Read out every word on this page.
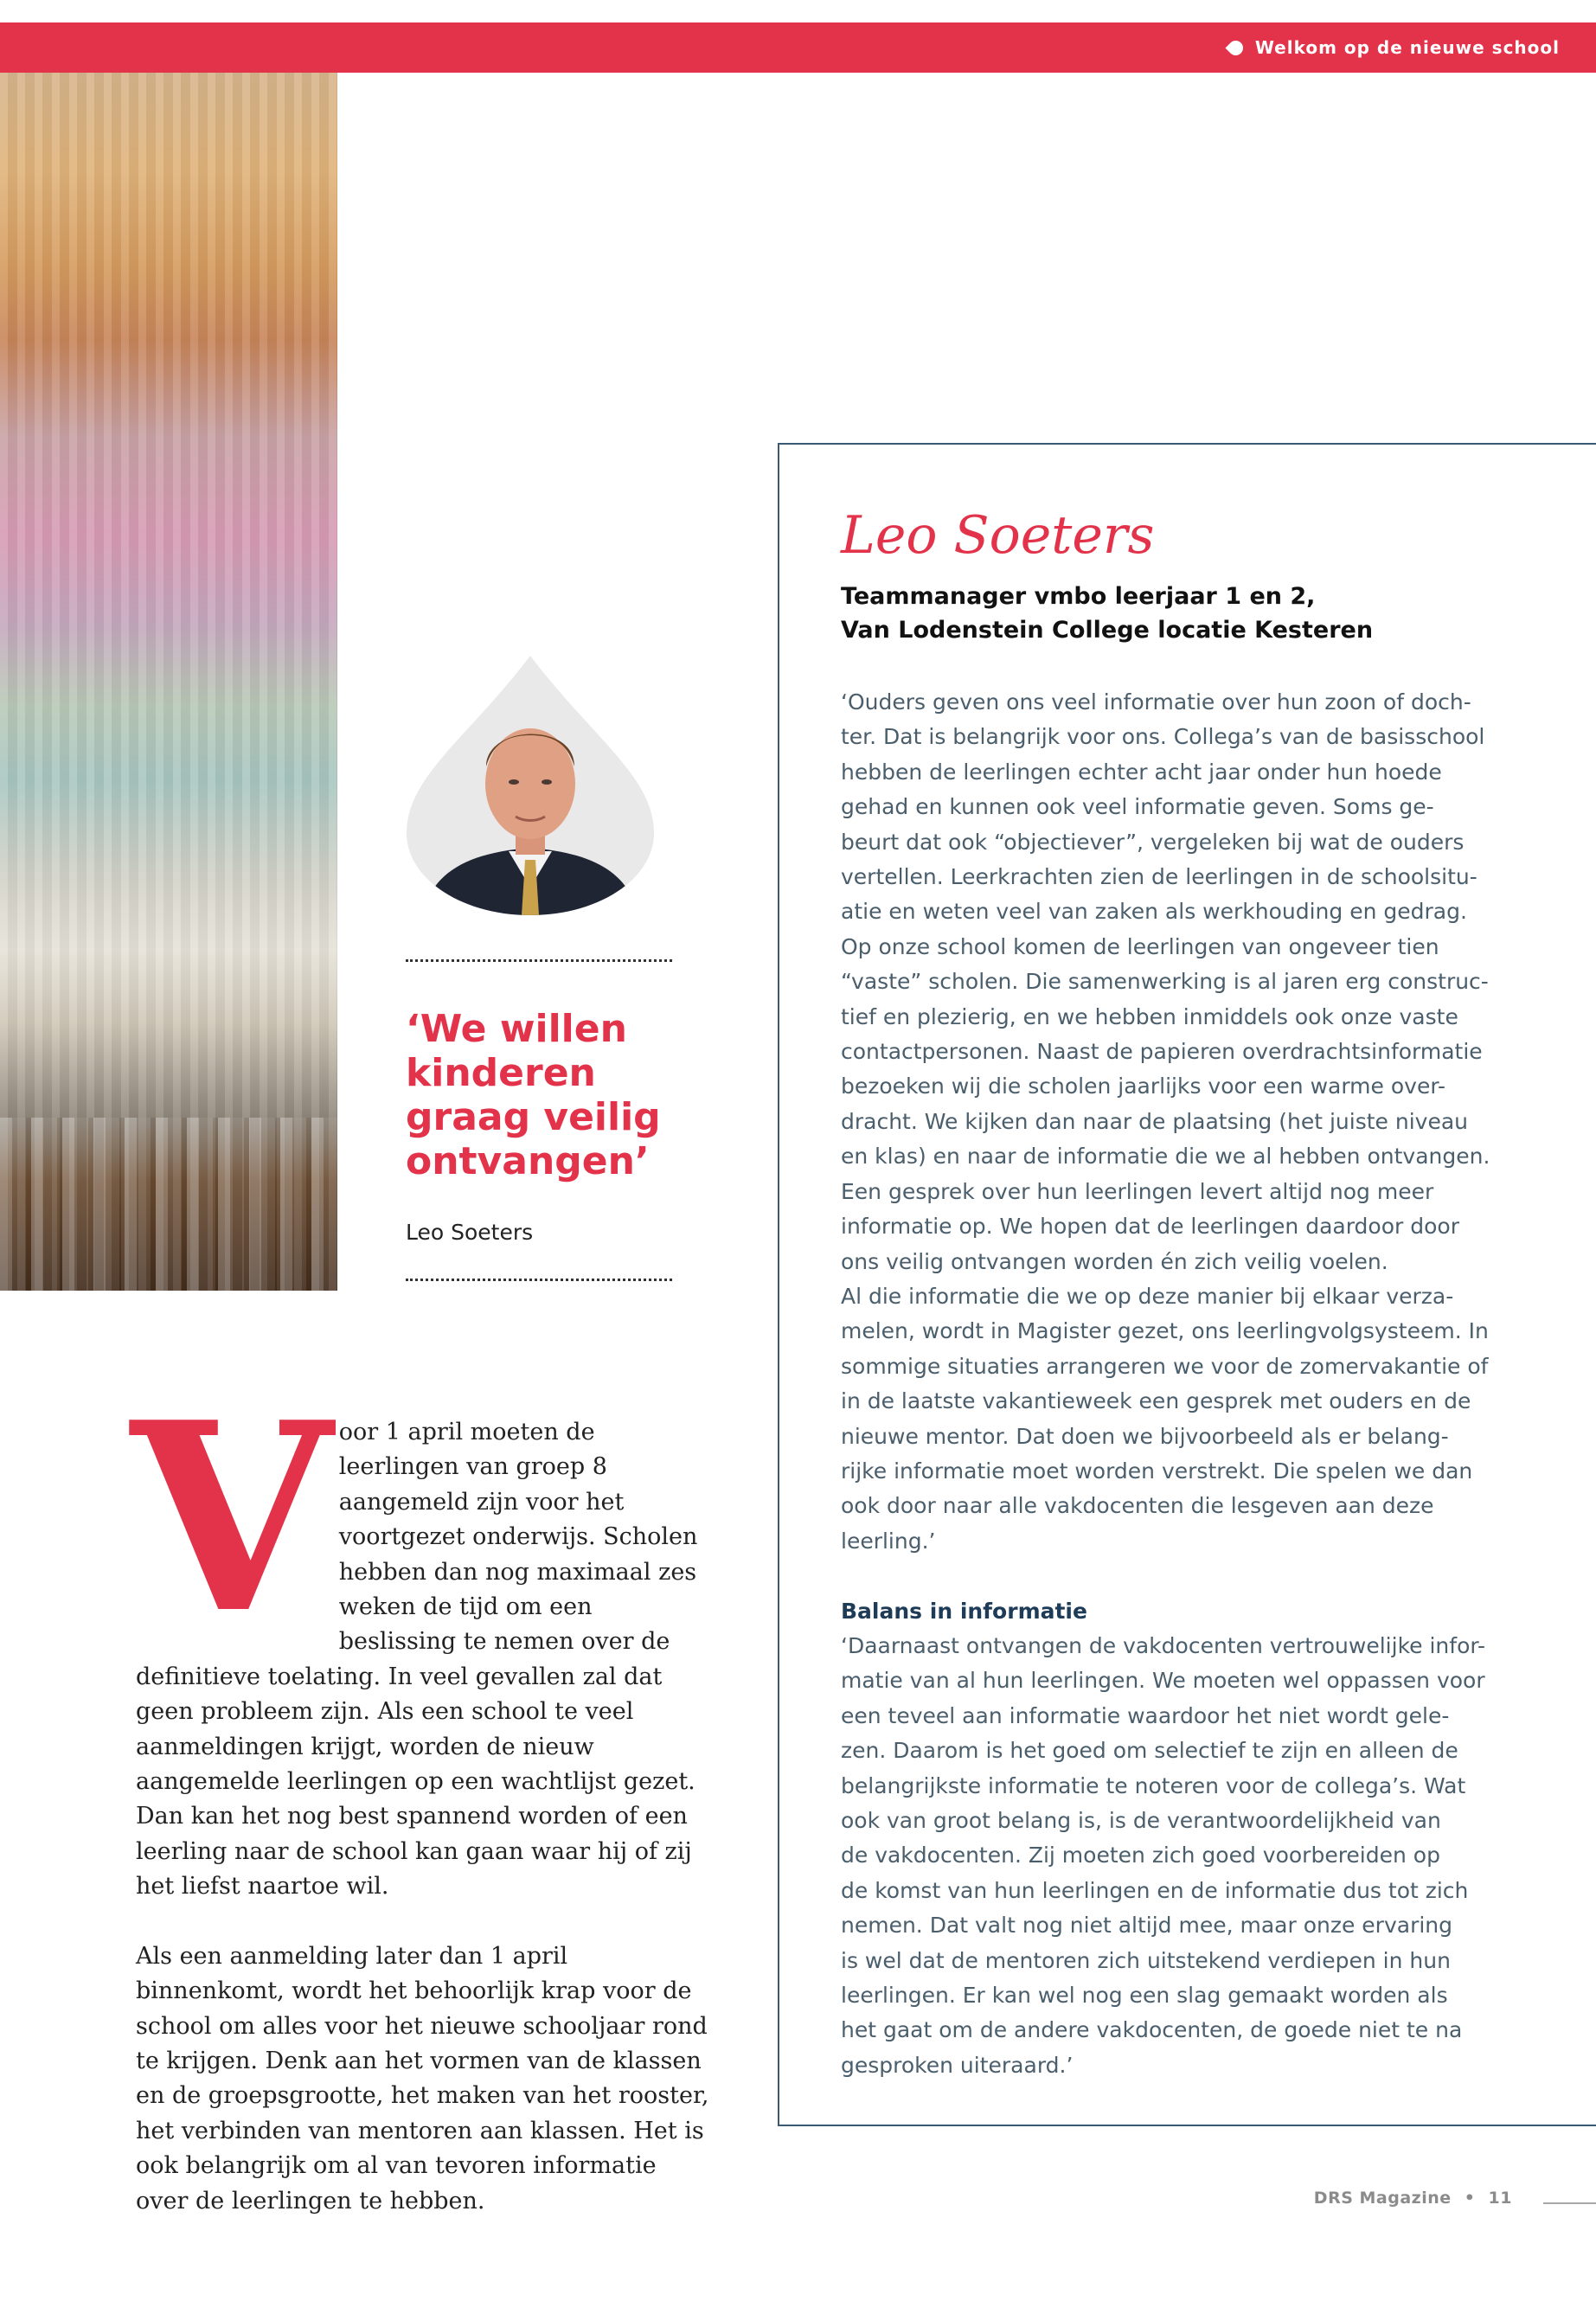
Welkom op de nieuwe school
‘We willen
kinderen
graag veilig
ontvangen’
Leo Soeters

Voor 1 april moeten de leerlingen van groep 8 aangemeld zijn voor het voortgezet onderwijs. Scholen hebben dan nog maximaal zes weken de tijd om een beslissing te nemen over de definitieve toelating. In veel gevallen zal dat geen probleem zijn. Als een school te veel aanmeldingen krijgt, worden de nieuw aangemelde leerlingen op een wachtlijst gezet. Dan kan het nog best spannend worden of een leerling naar de school kan gaan waar hij of zij het liefst naartoe wil.

Als een aanmelding later dan 1 april binnenkomt, wordt het behoorlijk krap voor de school om alles voor het nieuwe schooljaar rond te krijgen. Denk aan het vormen van de klassen en de groepsgrootte, het maken van het rooster, het verbinden van mentoren aan klassen. Het is ook belangrijk om al van tevoren informatie over de leerlingen te hebben.

Leo Soeters
Teammanager vmbo leerjaar 1 en 2,
Van Lodenstein College locatie Kesteren
‘Ouders geven ons veel informatie over hun zoon of doch-
ter. Dat is belangrijk voor ons. Collega’s van de basisschool
hebben de leerlingen echter acht jaar onder hun hoede
gehad en kunnen ook veel informatie geven. Soms ge-
beurt dat ook “objectiever”, vergeleken bij wat de ouders
vertellen. Leerkrachten zien de leerlingen in de schoolsitu-
atie en weten veel van zaken als werkhouding en gedrag.
Op onze school komen de leerlingen van ongeveer tien
“vaste” scholen. Die samenwerking is al jaren erg construc-
tief en plezierig, en we hebben inmiddels ook onze vaste
contactpersonen. Naast de papieren overdrachtsinformatie
bezoeken wij die scholen jaarlijks voor een warme over-
dracht. We kijken dan naar de plaatsing (het juiste niveau
en klas) en naar de informatie die we al hebben ontvangen.
Een gesprek over hun leerlingen levert altijd nog meer
informatie op. We hopen dat de leerlingen daardoor door
ons veilig ontvangen worden én zich veilig voelen.
Al die informatie die we op deze manier bij elkaar verza-
melen, wordt in Magister gezet, ons leerlingvolgsysteem. In
sommige situaties arrangeren we voor de zomervakantie of
in de laatste vakantieweek een gesprek met ouders en de
nieuwe mentor. Dat doen we bijvoorbeeld als er belang-
rijke informatie moet worden verstrekt. Die spelen we dan
ook door naar alle vakdocenten die lesgeven aan deze
leerling.’
Balans in informatie
‘Daarnaast ontvangen de vakdocenten vertrouwelijke infor-
matie van al hun leerlingen. We moeten wel oppassen voor
een teveel aan informatie waardoor het niet wordt gele-
zen. Daarom is het goed om selectief te zijn en alleen de
belangrijkste informatie te noteren voor de collega’s. Wat
ook van groot belang is, is de verantwoordelijkheid van
de vakdocenten. Zij moeten zich goed voorbereiden op
de komst van hun leerlingen en de informatie dus tot zich
nemen. Dat valt nog niet altijd mee, maar onze ervaring
is wel dat de mentoren zich uitstekend verdiepen in hun
leerlingen. Er kan wel nog een slag gemaakt worden als
het gaat om de andere vakdocenten, de goede niet te na
gesproken uiteraard.’
DRS Magazine • 11
